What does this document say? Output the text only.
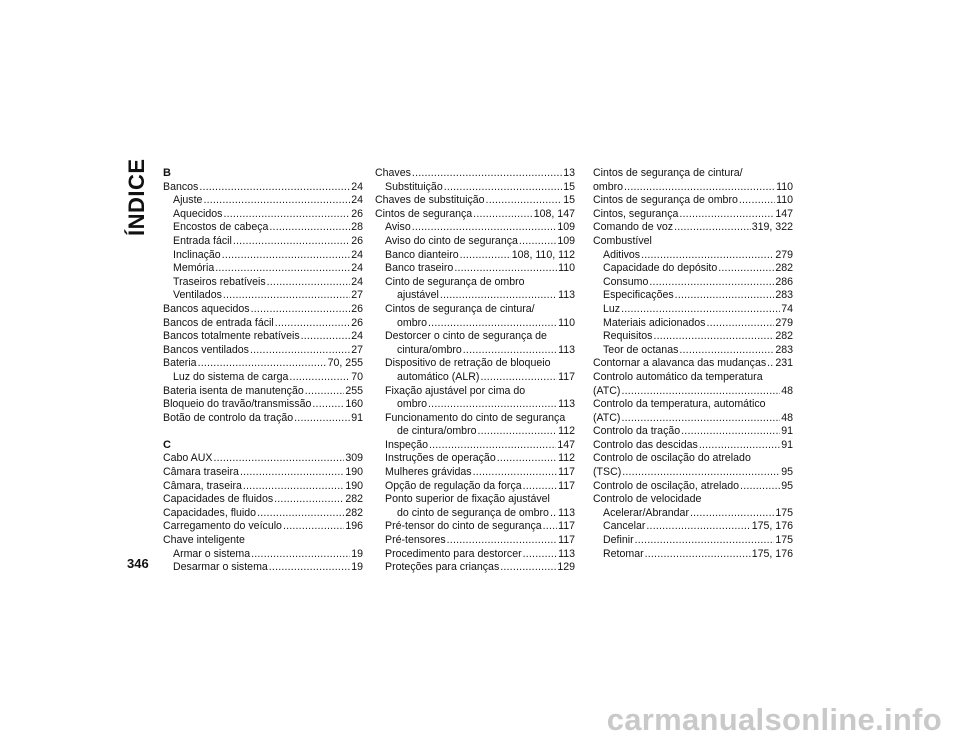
ÍNDICE B
Bancos .....	24
Ajuste .....	24
Aquecidos .....	26
Encostos de cabeça .....	28
Entrada fácil .....	26
Inclinação .....	24
Memória .....	24
Traseiros rebatíveis .....	24
Ventilados .....	27
Bancos aquecidos .....	26
Bancos de entrada fácil .....	26
Bancos totalmente rebatíveis .....	24
Bancos ventilados .....	27
Bateria .....	70, 255
Luz do sistema de carga .....	70
Bateria isenta de manutenção .....	255
Bloqueio do travão/transmissão .....	160
Botão de controlo da tração .....	91
C
Cabo AUX .....	309
Câmara traseira .....	190
Câmara, traseira .....	190
Capacidades de fluidos .....	282
Capacidades, fluido .....	282
Carregamento do veículo .....	196
Chave inteligente
Armar o sistema .....	19
Desarmar o sistema .....	19
Chaves .....	13
Substituição .....	15
Chaves de substituição .....	15
Cintos de segurança .....	108, 147
Aviso .....	109
Aviso do cinto de segurança .....	109
Banco dianteiro .....	108, 110, 112
Banco traseiro .....	110
Cinto de segurança de ombro
ajustável .....	113
Cintos de segurança de cintura/
ombro .....	110
Destorcer o cinto de segurança de
cintura/ombro .....	113
Dispositivo de retração de bloqueio
automático (ALR) .....	117
Fixação ajustável por cima do
ombro .....	113
Funcionamento do cinto de segurança
de cintura/ombro .....	112
Inspeção .....	147
Instruções de operação .....	112
Mulheres grávidas .....	117
Opção de regulação da força .....	117
Ponto superior de fixação ajustável
do cinto de segurança de ombro ..... 113
Pré-tensor do cinto de segurança ..... 117
Pré-tensores .....	117
Procedimento para destorcer .....	113
Proteções para crianças .....	129
Cintos de segurança de cintura/
ombro .....	110
Cintos de segurança de ombro .....	110
Cintos, segurança .....	147
Comando de voz .....	319, 322
Combustível
Aditivos .....	279
Capacidade do depósito .....	282
Consumo .....	286
Especificações .....	283
Luz .....	74
Materiais adicionados .....	279
Requisitos .....	282
Teor de octanas .....	283
Contornar a alavanca das mudanças ..... 231
Controlo automático da temperatura
(ATC) .....	48
Controlo da temperatura, automático
(ATC) .....	48
Controlo da tração .....	91
Controlo das descidas .....	91
Controlo de oscilação do atrelado
(TSC) .....	95
Controlo de oscilação, atrelado .....	95
Controlo de velocidade
Acelerar/Abrandar .....	175
Cancelar .....	175, 176
Definir .....	175
Retomar .....	175, 176
346
carmanualsonline.info
